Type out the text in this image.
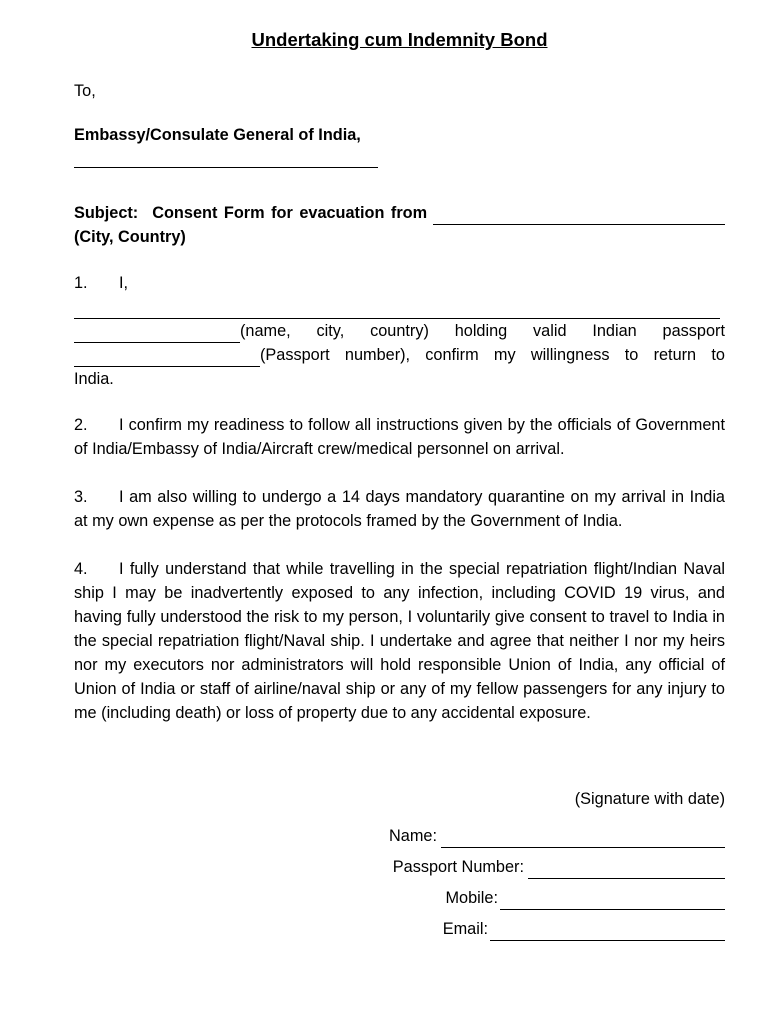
Undertaking cum Indemnity Bond
To,
Embassy/Consulate General of India,
Subject: Consent Form for evacuation from
(City, Country)
1. I,
(name, city, country) holding valid Indian passport
(Passport number), confirm my willingness to return to
India.
2. I confirm my readiness to follow all instructions given by the officials of Government of India/Embassy of India/Aircraft crew/medical personnel on arrival.
3. I am also willing to undergo a 14 days mandatory quarantine on my arrival in India at my own expense as per the protocols framed by the Government of India.
4. I fully understand that while travelling in the special repatriation flight/Indian Naval ship I may be inadvertently exposed to any infection, including COVID 19 virus, and having fully understood the risk to my person, I voluntarily give consent to travel to India in the special repatriation flight/Naval ship. I undertake and agree that neither I nor my heirs nor my executors nor administrators will hold responsible Union of India, any official of Union of India or staff of airline/naval ship or any of my fellow passengers for any injury to me (including death) or loss of property due to any accidental exposure.
(Signature with date)
Name:
Passport Number:
Mobile:
Email:
